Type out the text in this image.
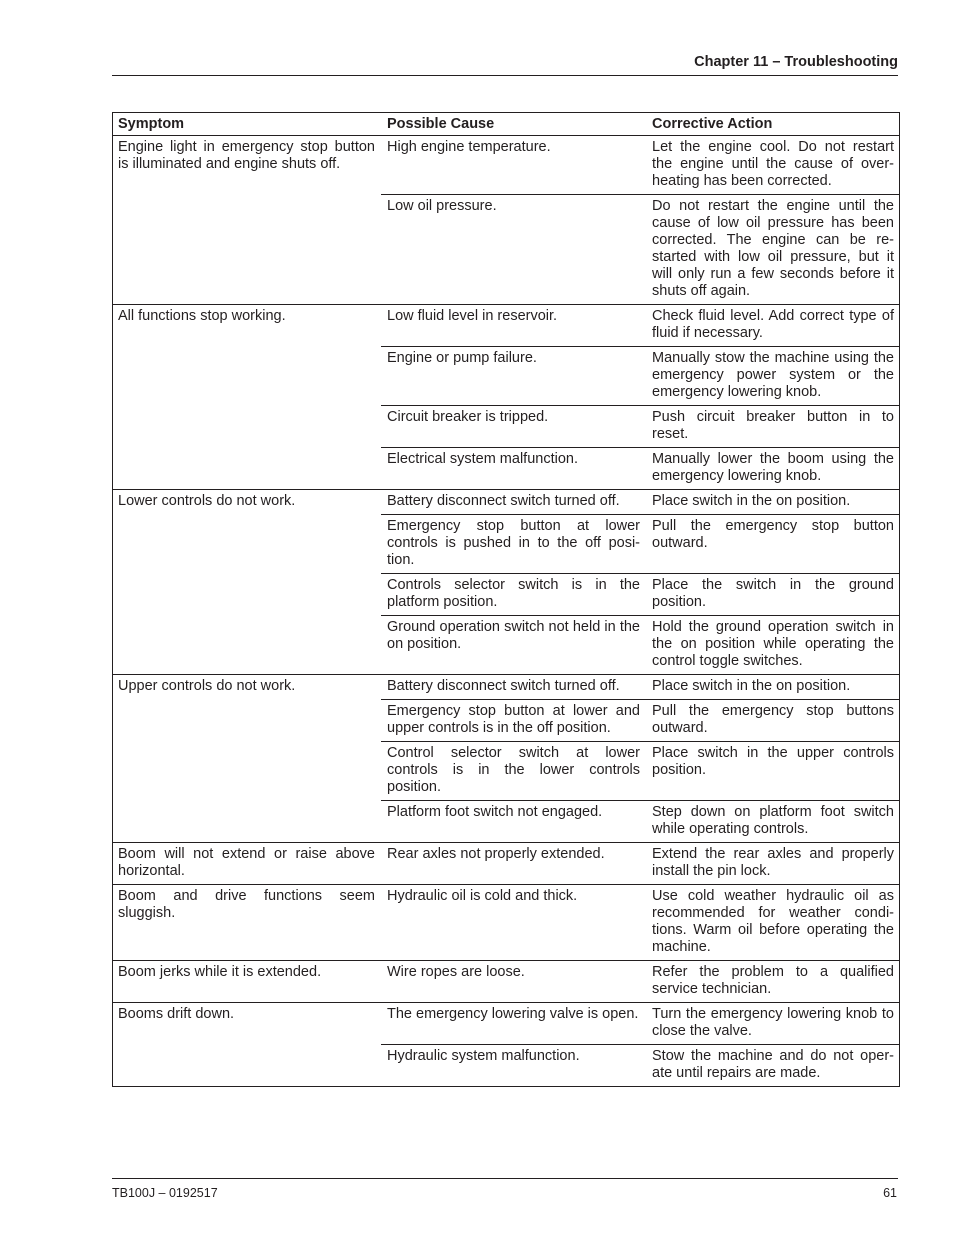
Chapter 11 – Troubleshooting
Symptom	Possible Cause	Corrective Action
Engine light in emergency stop button is illuminated and engine shuts off.	High engine temperature.	Let the engine cool. Do not restart the engine until the cause of over-heating has been corrected.
	Low oil pressure.	Do not restart the engine until the cause of low oil pressure has been corrected. The engine can be re-started with low oil pressure, but it will only run a few seconds before it shuts off again.
All functions stop working.	Low fluid level in reservoir.	Check fluid level. Add correct type of fluid if necessary.
	Engine or pump failure.	Manually stow the machine using the emergency power system or the emergency lowering knob.
	Circuit breaker is tripped.	Push circuit breaker button in to reset.
	Electrical system malfunction.	Manually lower the boom using the emergency lowering knob.
Lower controls do not work.	Battery disconnect switch turned off.	Place switch in the on position.
	Emergency stop button at lower controls is pushed in to the off posi-tion.	Pull the emergency stop button outward.
	Controls selector switch is in the platform position.	Place the switch in the ground position.
	Ground operation switch not held in the on position.	Hold the ground operation switch in the on position while operating the control toggle switches.
Upper controls do not work.	Battery disconnect switch turned off.	Place switch in the on position.
	Emergency stop button at lower and upper controls is in the off position.	Pull the emergency stop buttons outward.
	Control selector switch at lower controls is in the lower controls position.	Place switch in the upper controls position.
	Platform foot switch not engaged.	Step down on platform foot switch while operating controls.
Boom will not extend or raise above horizontal.	Rear axles not properly extended.	Extend the rear axles and properly install the pin lock.
Boom and drive functions seem sluggish.	Hydraulic oil is cold and thick.	Use cold weather hydraulic oil as recommended for weather condi-tions. Warm oil before operating the machine.
Boom jerks while it is extended.	Wire ropes are loose.	Refer the problem to a qualified service technician.
Booms drift down.	The emergency lowering valve is open.	Turn the emergency lowering knob to close the valve.
	Hydraulic system malfunction.	Stow the machine and do not oper-ate until repairs are made.
TB100J – 0192517	61
